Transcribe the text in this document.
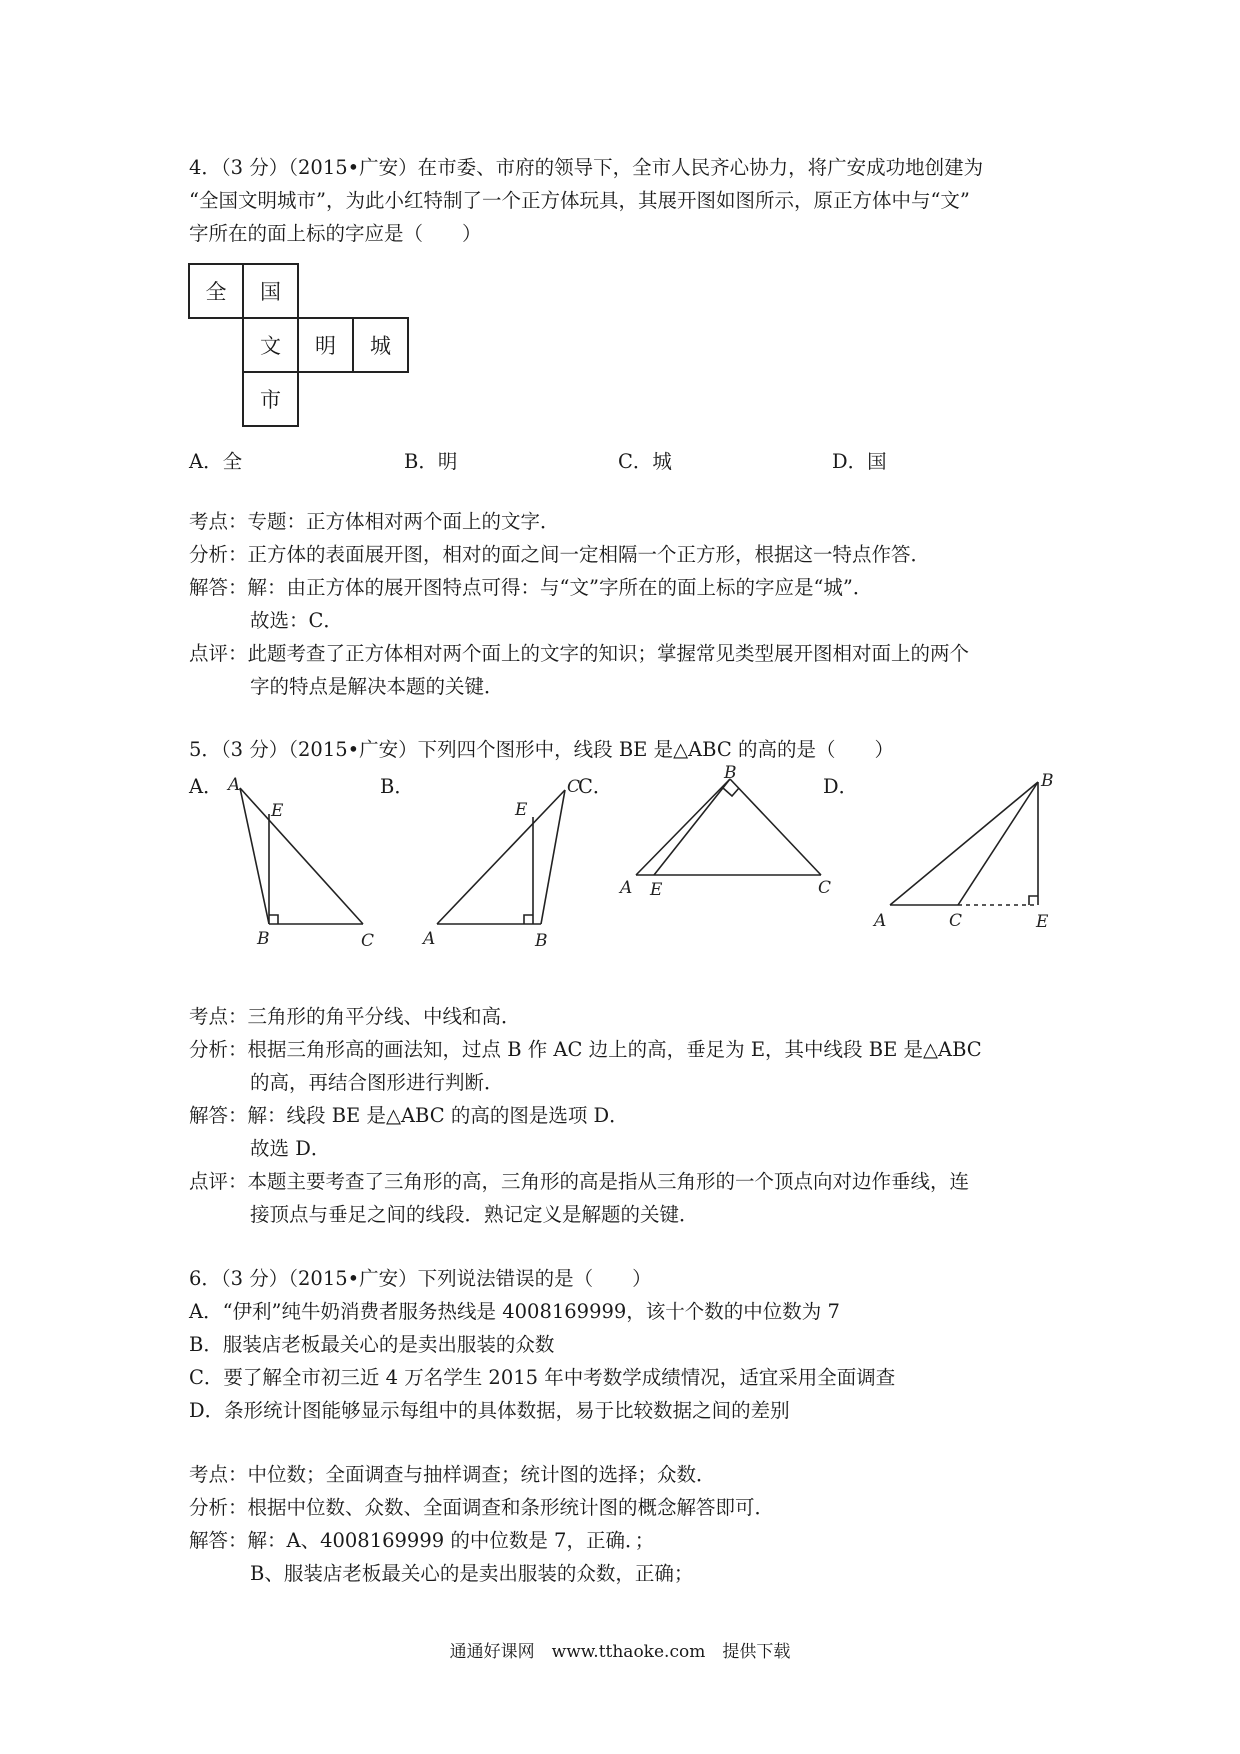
4．（3 分）（2015•广安）在市委、市府的领导下，全市人民齐心协力，将广安成功地创建为
“全国文明城市”，为此小红特制了一个正方体玩具，其展开图如图所示，原正方体中与“文”
字所在的面上标的字应是（　　）
全	国
文	明	城
市
A．全	B．明	C．城	D．国
考点：专题：正方体相对两个面上的文字．
分析：正方体的表面展开图，相对的面之间一定相隔一个正方形，根据这一特点作答．
解答：解：由正方体的展开图特点可得：与“文”字所在的面上标的字应是“城”．
故选：C．
点评：此题考查了正方体相对两个面上的文字的知识；掌握常见类型展开图相对面上的两个
字的特点是解决本题的关键．
5．（3 分）（2015•广安）下列四个图形中，线段 BE 是△ABC 的高的是（　　）
A．	B．	C．	D．
A
E
B	C
C
E
A	B
B
A E	C
B
A	C	E
考点：三角形的角平分线、中线和高．
分析：根据三角形高的画法知，过点 B 作 AC 边上的高，垂足为 E，其中线段 BE 是△ABC
的高，再结合图形进行判断．
解答：解：线段 BE 是△ABC 的高的图是选项 D．
故选 D．
点评：本题主要考查了三角形的高，三角形的高是指从三角形的一个顶点向对边作垂线，连
接顶点与垂足之间的线段．熟记定义是解题的关键．
6．（3 分）（2015•广安）下列说法错误的是（　　）
A．“伊利”纯牛奶消费者服务热线是 4008169999，该十个数的中位数为 7
B．服装店老板最关心的是卖出服装的众数
C．要了解全市初三近 4 万名学生 2015 年中考数学成绩情况，适宜采用全面调查
D．条形统计图能够显示每组中的具体数据，易于比较数据之间的差别
考点：中位数；全面调查与抽样调查；统计图的选择；众数．
分析：根据中位数、众数、全面调查和条形统计图的概念解答即可．
解答：解：A、4008169999 的中位数是 7，正确．；
B、服装店老板最关心的是卖出服装的众数，正确；
通通好课网　www.tthaoke.com　提供下载
